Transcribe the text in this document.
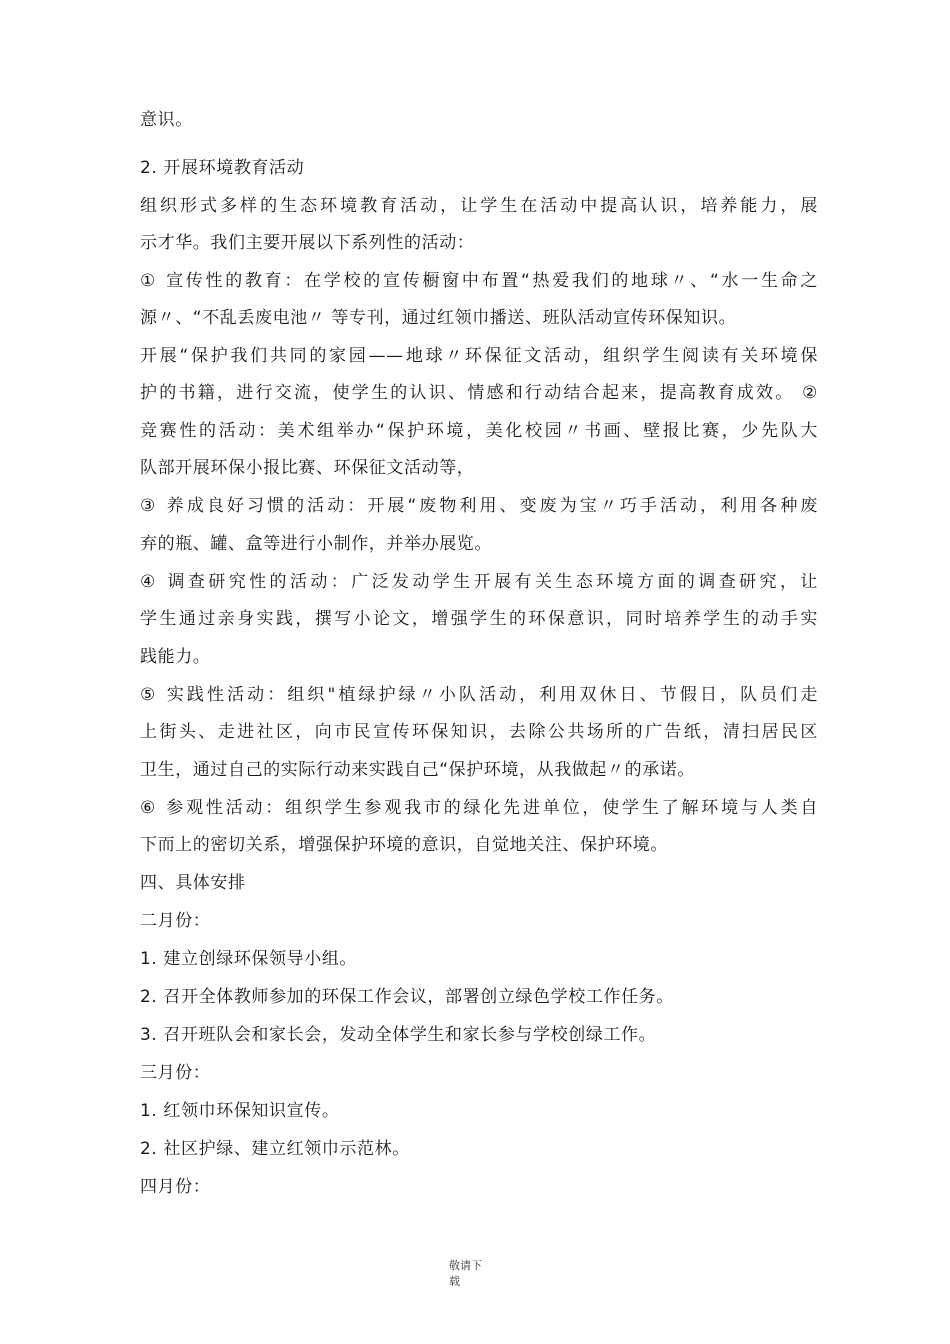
意识。
2. 开展环境教育活动
组织形式多样的生态环境教育活动，让学生在活动中提高认识，培养能力，展
示才华。我们主要开展以下系列性的活动：
① 宣传性的教育：在学校的宣传橱窗中布置“热爱我们的地球〃、“水一生命之
源〃、“不乱丢废电池〃 等专刊，通过红领巾播送、班队活动宣传环保知识。
开展“保护我们共同的家园——地球〃环保征文活动，组织学生阅读有关环境保
护的书籍，进行交流，使学生的认识、情感和行动结合起来，提高教育成效。 ②
竞赛性的活动：美术组举办“保护环境，美化校园〃书画、壁报比赛，少先队大
队部开展环保小报比赛、环保征文活动等，
③ 养成良好习惯的活动：开展“废物利用、变废为宝〃巧手活动，利用各种废
弃的瓶、罐、盒等进行小制作，并举办展览。
④ 调查研究性的活动：广泛发动学生开展有关生态环境方面的调查研究，让
学生通过亲身实践，撰写小论文，增强学生的环保意识，同时培养学生的动手实
践能力。
⑤ 实践性活动：组织"植绿护绿〃小队活动，利用双休日、节假日，队员们走
上街头、走进社区，向市民宣传环保知识，去除公共场所的广告纸，清扫居民区
卫生，通过自己的实际行动来实践自己“保护环境，从我做起〃的承诺。
⑥ 参观性活动：组织学生参观我市的绿化先进单位，使学生了解环境与人类自
下而上的密切关系，增强保护环境的意识，自觉地关注、保护环境。
四、具体安排
二月份：
1. 建立创绿环保领导小组。
2. 召开全体教师参加的环保工作会议，部署创立绿色学校工作任务。
3. 召开班队会和家长会，发动全体学生和家长参与学校创绿工作。
三月份：
1. 红领巾环保知识宣传。
2. 社区护绿、建立红领巾示范林。
四月份：
敬请下
载
